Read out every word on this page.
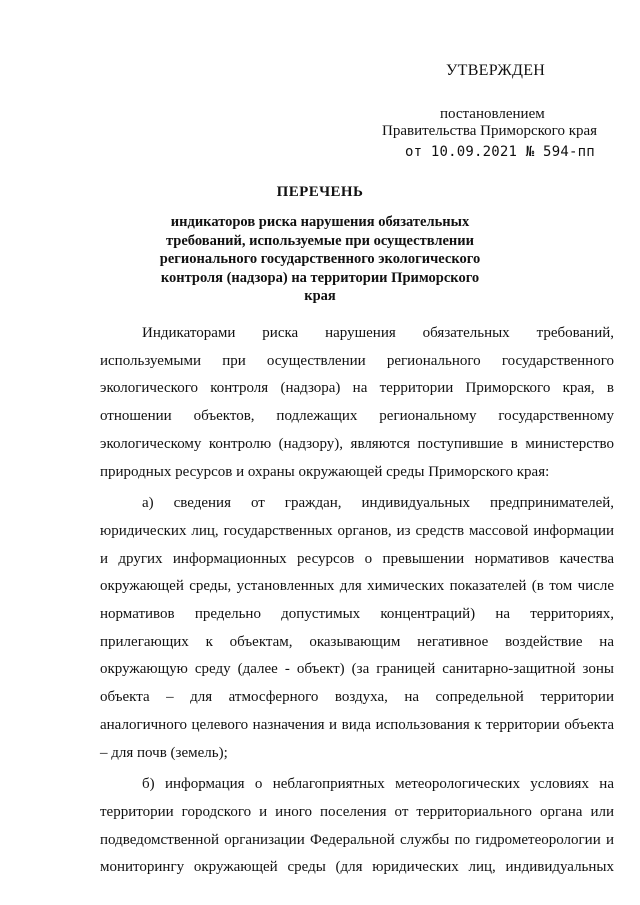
УТВЕРЖДЕН
постановлением
Правительства Приморского края
от 10.09.2021 № 594-пп
ПЕРЕЧЕНЬ
индикаторов риска нарушения обязательных требований, используемые при осуществлении регионального государственного экологического контроля (надзора) на территории Приморского края

Индикаторами риска нарушения обязательных требований, используемыми при осуществлении регионального государственного экологического контроля (надзора) на территории Приморского края, в отношении объектов, подлежащих региональному государственному экологическому контролю (надзору), являются поступившие в министерство природных ресурсов и охраны окружающей среды Приморского края:

а) сведения от граждан, индивидуальных предпринимателей, юридических лиц, государственных органов, из средств массовой информации и других информационных ресурсов о превышении нормативов качества окружающей среды, установленных для химических показателей (в том числе нормативов предельно допустимых концентраций) на территориях, прилегающих к объектам, оказывающим негативное воздействие на окружающую среду (далее - объект) (за границей санитарно-защитной зоны объекта – для атмосферного воздуха, на сопредельной территории аналогичного целевого назначения и вида использования к территории объекта – для почв (земель);

б) информация о неблагоприятных метеорологических условиях на территории городского и иного поселения от территориального органа или подведомственной организации Федеральной службы по гидрометеорологии и мониторингу окружающей среды (для юридических лиц, индивидуальных
